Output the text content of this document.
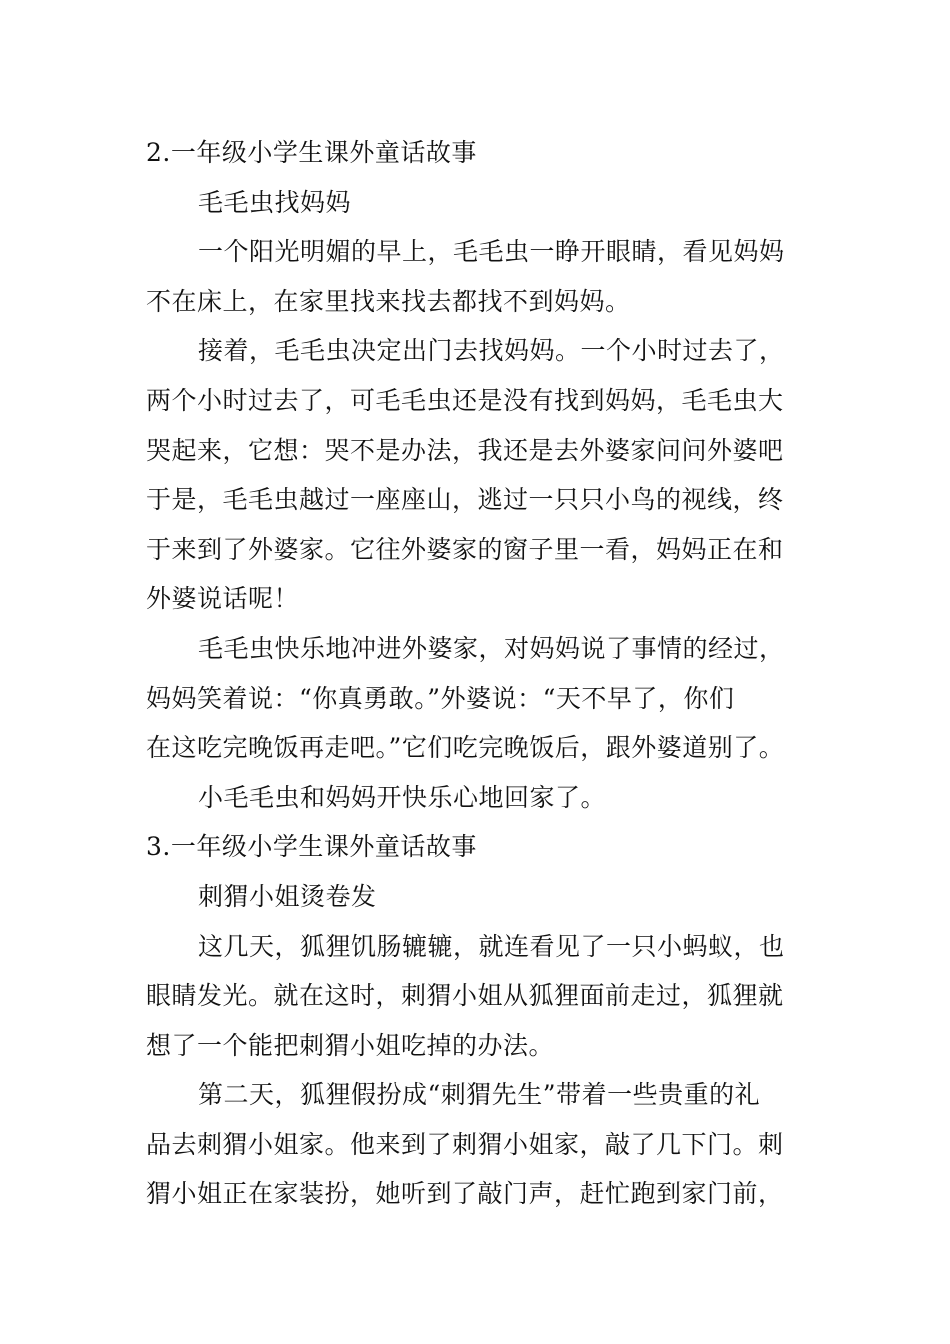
2.一年级小学生课外童话故事
毛毛虫找妈妈
一个阳光明媚的早上，毛毛虫一睁开眼睛，看见妈妈
不在床上，在家里找来找去都找不到妈妈。
接着，毛毛虫决定出门去找妈妈。一个小时过去了，
两个小时过去了，可毛毛虫还是没有找到妈妈，毛毛虫大
哭起来，它想：哭不是办法，我还是去外婆家问问外婆吧
于是，毛毛虫越过一座座山，逃过一只只小鸟的视线，终
于来到了外婆家。它往外婆家的窗子里一看，妈妈正在和
外婆说话呢！
毛毛虫快乐地冲进外婆家，对妈妈说了事情的经过，
妈妈笑着说：“你真勇敢。”外婆说：“天不早了，你们
在这吃完晚饭再走吧。”它们吃完晚饭后，跟外婆道别了。
小毛毛虫和妈妈开快乐心地回家了。
3.一年级小学生课外童话故事
刺猬小姐烫卷发
这几天，狐狸饥肠辘辘，就连看见了一只小蚂蚁，也
眼睛发光。就在这时，刺猬小姐从狐狸面前走过，狐狸就
想了一个能把刺猬小姐吃掉的办法。
第二天，狐狸假扮成“刺猬先生”带着一些贵重的礼
品去刺猬小姐家。他来到了刺猬小姐家，敲了几下门。刺
猬小姐正在家装扮，她听到了敲门声，赶忙跑到家门前，
